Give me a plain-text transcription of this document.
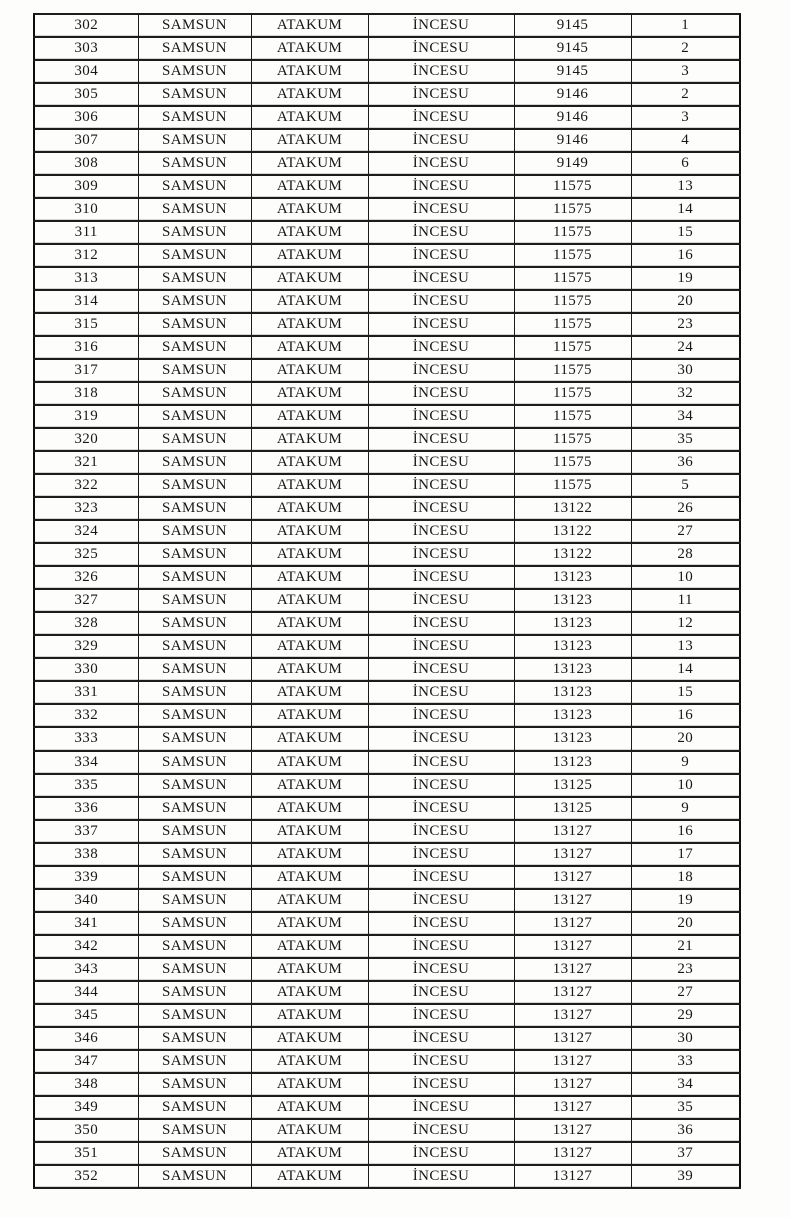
302	SAMSUN	ATAKUM	İNCESU	9145	1
303	SAMSUN	ATAKUM	İNCESU	9145	2
304	SAMSUN	ATAKUM	İNCESU	9145	3
305	SAMSUN	ATAKUM	İNCESU	9146	2
306	SAMSUN	ATAKUM	İNCESU	9146	3
307	SAMSUN	ATAKUM	İNCESU	9146	4
308	SAMSUN	ATAKUM	İNCESU	9149	6
309	SAMSUN	ATAKUM	İNCESU	11575	13
310	SAMSUN	ATAKUM	İNCESU	11575	14
311	SAMSUN	ATAKUM	İNCESU	11575	15
312	SAMSUN	ATAKUM	İNCESU	11575	16
313	SAMSUN	ATAKUM	İNCESU	11575	19
314	SAMSUN	ATAKUM	İNCESU	11575	20
315	SAMSUN	ATAKUM	İNCESU	11575	23
316	SAMSUN	ATAKUM	İNCESU	11575	24
317	SAMSUN	ATAKUM	İNCESU	11575	30
318	SAMSUN	ATAKUM	İNCESU	11575	32
319	SAMSUN	ATAKUM	İNCESU	11575	34
320	SAMSUN	ATAKUM	İNCESU	11575	35
321	SAMSUN	ATAKUM	İNCESU	11575	36
322	SAMSUN	ATAKUM	İNCESU	11575	5
323	SAMSUN	ATAKUM	İNCESU	13122	26
324	SAMSUN	ATAKUM	İNCESU	13122	27
325	SAMSUN	ATAKUM	İNCESU	13122	28
326	SAMSUN	ATAKUM	İNCESU	13123	10
327	SAMSUN	ATAKUM	İNCESU	13123	11
328	SAMSUN	ATAKUM	İNCESU	13123	12
329	SAMSUN	ATAKUM	İNCESU	13123	13
330	SAMSUN	ATAKUM	İNCESU	13123	14
331	SAMSUN	ATAKUM	İNCESU	13123	15
332	SAMSUN	ATAKUM	İNCESU	13123	16
333	SAMSUN	ATAKUM	İNCESU	13123	20
334	SAMSUN	ATAKUM	İNCESU	13123	9
335	SAMSUN	ATAKUM	İNCESU	13125	10
336	SAMSUN	ATAKUM	İNCESU	13125	9
337	SAMSUN	ATAKUM	İNCESU	13127	16
338	SAMSUN	ATAKUM	İNCESU	13127	17
339	SAMSUN	ATAKUM	İNCESU	13127	18
340	SAMSUN	ATAKUM	İNCESU	13127	19
341	SAMSUN	ATAKUM	İNCESU	13127	20
342	SAMSUN	ATAKUM	İNCESU	13127	21
343	SAMSUN	ATAKUM	İNCESU	13127	23
344	SAMSUN	ATAKUM	İNCESU	13127	27
345	SAMSUN	ATAKUM	İNCESU	13127	29
346	SAMSUN	ATAKUM	İNCESU	13127	30
347	SAMSUN	ATAKUM	İNCESU	13127	33
348	SAMSUN	ATAKUM	İNCESU	13127	34
349	SAMSUN	ATAKUM	İNCESU	13127	35
350	SAMSUN	ATAKUM	İNCESU	13127	36
351	SAMSUN	ATAKUM	İNCESU	13127	37
352	SAMSUN	ATAKUM	İNCESU	13127	39
